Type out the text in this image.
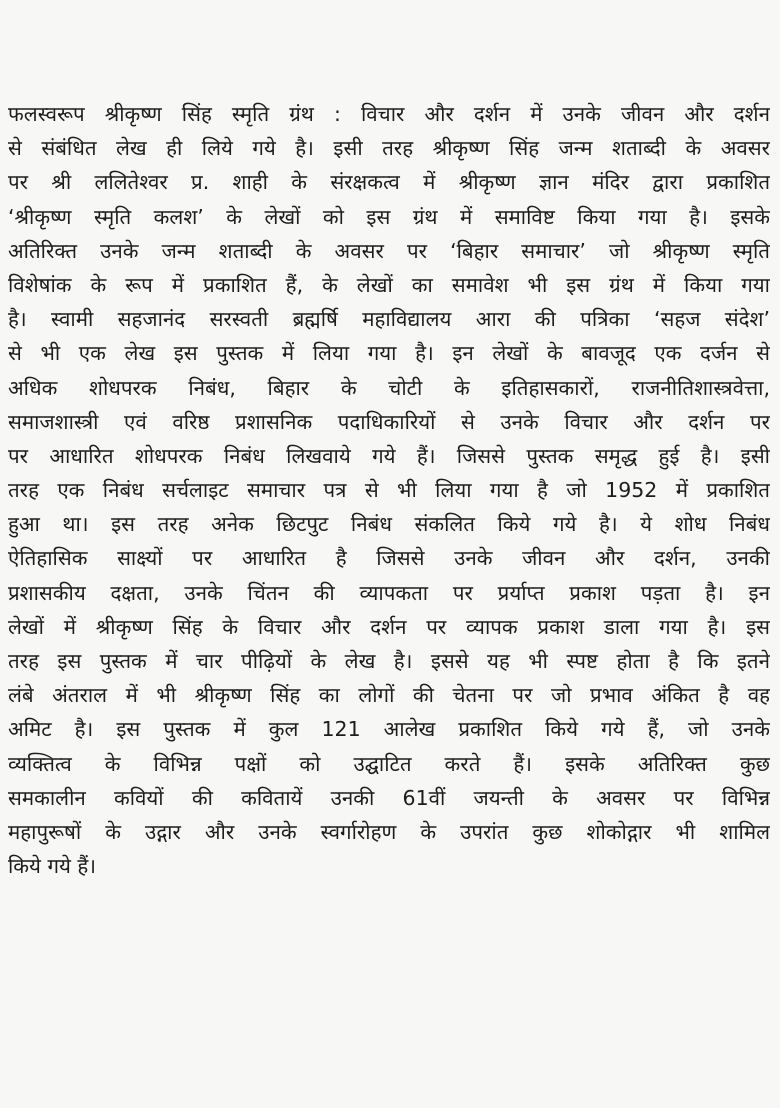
फलस्वरूप श्रीकृष्ण सिंह स्मृति ग्रंथ : विचार और दर्शन में उनके जीवन और दर्शन
से संबंधित लेख ही लिये गये है। इसी तरह श्रीकृष्ण सिंह जन्म शताब्दी के अवसर
पर श्री ललितेश्वर प्र. शाही के संरक्षकत्व में श्रीकृष्ण ज्ञान मंदिर द्वारा प्रकाशित
‘श्रीकृष्ण स्मृति कलश’ के लेखों को इस ग्रंथ में समाविष्ट किया गया है। इसके
अतिरिक्त उनके जन्म शताब्दी के अवसर पर ‘बिहार समाचार’ जो श्रीकृष्ण स्मृति
विशेषांक के रूप में प्रकाशित हैं, के लेखों का समावेश भी इस ग्रंथ में किया गया
है। स्वामी सहजानंद सरस्वती ब्रह्मर्षि महाविद्यालय आरा की पत्रिका ‘सहज संदेश’
से भी एक लेख इस पुस्तक में लिया गया है। इन लेखों के बावजूद एक दर्जन से
अधिक शोधपरक निबंध, बिहार के चोटी के इतिहासकारों, राजनीतिशास्त्रवेत्ता,
समाजशास्त्री एवं वरिष्ठ प्रशासनिक पदाधिकारियों से उनके विचार और दर्शन पर
पर आधारित शोधपरक निबंध लिखवाये गये हैं। जिससे पुस्तक समृद्ध हुई है। इसी
तरह एक निबंध सर्चलाइट समाचार पत्र से भी लिया गया है जो 1952 में प्रकाशित
हुआ था। इस तरह अनेक छिटपुट निबंध संकलित किये गये है। ये शोध निबंध
ऐतिहासिक साक्ष्यों पर आधारित है जिससे उनके जीवन और दर्शन, उनकी
प्रशासकीय दक्षता, उनके चिंतन की व्यापकता पर प्रर्याप्त प्रकाश पड़ता है। इन
लेखों में श्रीकृष्ण सिंह के विचार और दर्शन पर व्यापक प्रकाश डाला गया है। इस
तरह इस पुस्तक में चार पीढ़ियों के लेख है। इससे यह भी स्पष्ट होता है कि इतने
लंबे अंतराल में भी श्रीकृष्ण सिंह का लोगों की चेतना पर जो प्रभाव अंकित है वह
अमिट है। इस पुस्तक में कुल 121 आलेख प्रकाशित किये गये हैं, जो उनके
व्यक्तित्व के विभिन्न पक्षों को उद्घाटित करते हैं। इसके अतिरिक्त कुछ
समकालीन कवियों की कवितायें उनकी 61वीं जयन्ती के अवसर पर विभिन्न
महापुरूषों के उद्गार और उनके स्वर्गारोहण के उपरांत कुछ शोकोद्गार भी शामिल
किये गये हैं।
